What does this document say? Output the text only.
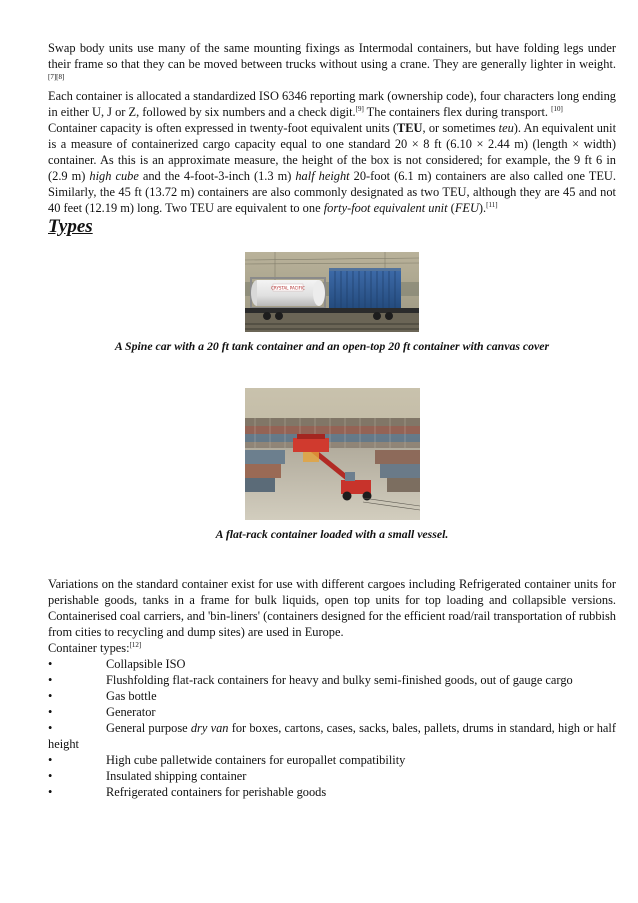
Swap body units use many of the same mounting fixings as Intermodal containers, but have folding legs under their frame so that they can be moved between trucks without using a crane. They are generally lighter in weight.[7][8]

Each container is allocated a standardized ISO 6346 reporting mark (ownership code), four characters long ending in either U, J or Z, followed by six numbers and a check digit.[9] The containers flex during transport. [10]

Container capacity is often expressed in twenty-foot equivalent units (TEU, or sometimes teu). An equivalent unit is a measure of containerized cargo capacity equal to one standard 20 × 8 ft (6.10 × 2.44 m) (length × width) container. As this is an approximate measure, the height of the box is not considered; for example, the 9 ft 6 in (2.9 m) high cube and the 4-foot-3-inch (1.3 m) half height 20-foot (6.1 m) containers are also called one TEU. Similarly, the 45 ft (13.72 m) containers are also commonly designated as two TEU, although they are 45 and not 40 feet (12.19 m) long. Two TEU are equivalent to one forty-foot equivalent unit (FEU).[11]

Types
CRYSTAL PACIFIC
A Spine car with a 20 ft tank container and an open-top 20 ft container with canvas cover
A flat-rack container loaded with a small vessel.

Variations on the standard container exist for use with different cargoes including Refrigerated container units for perishable goods, tanks in a frame for bulk liquids, open top units for top loading and collapsible versions. Containerised coal carriers, and 'bin-liners' (containers designed for the efficient road/rail transportation of rubbish from cities to recycling and dump sites) are used in Europe.

Container types:[12]

•	Collapsible ISO
•	Flushfolding flat-rack containers for heavy and bulky semi-finished goods, out of gauge cargo
•	Gas bottle
•	Generator
•	General purpose dry van for boxes, cartons, cases, sacks, bales, pallets, drums in standard, high or half height
•	High cube palletwide containers for europallet compatibility
•	Insulated shipping container
•	Refrigerated containers for perishable goods
